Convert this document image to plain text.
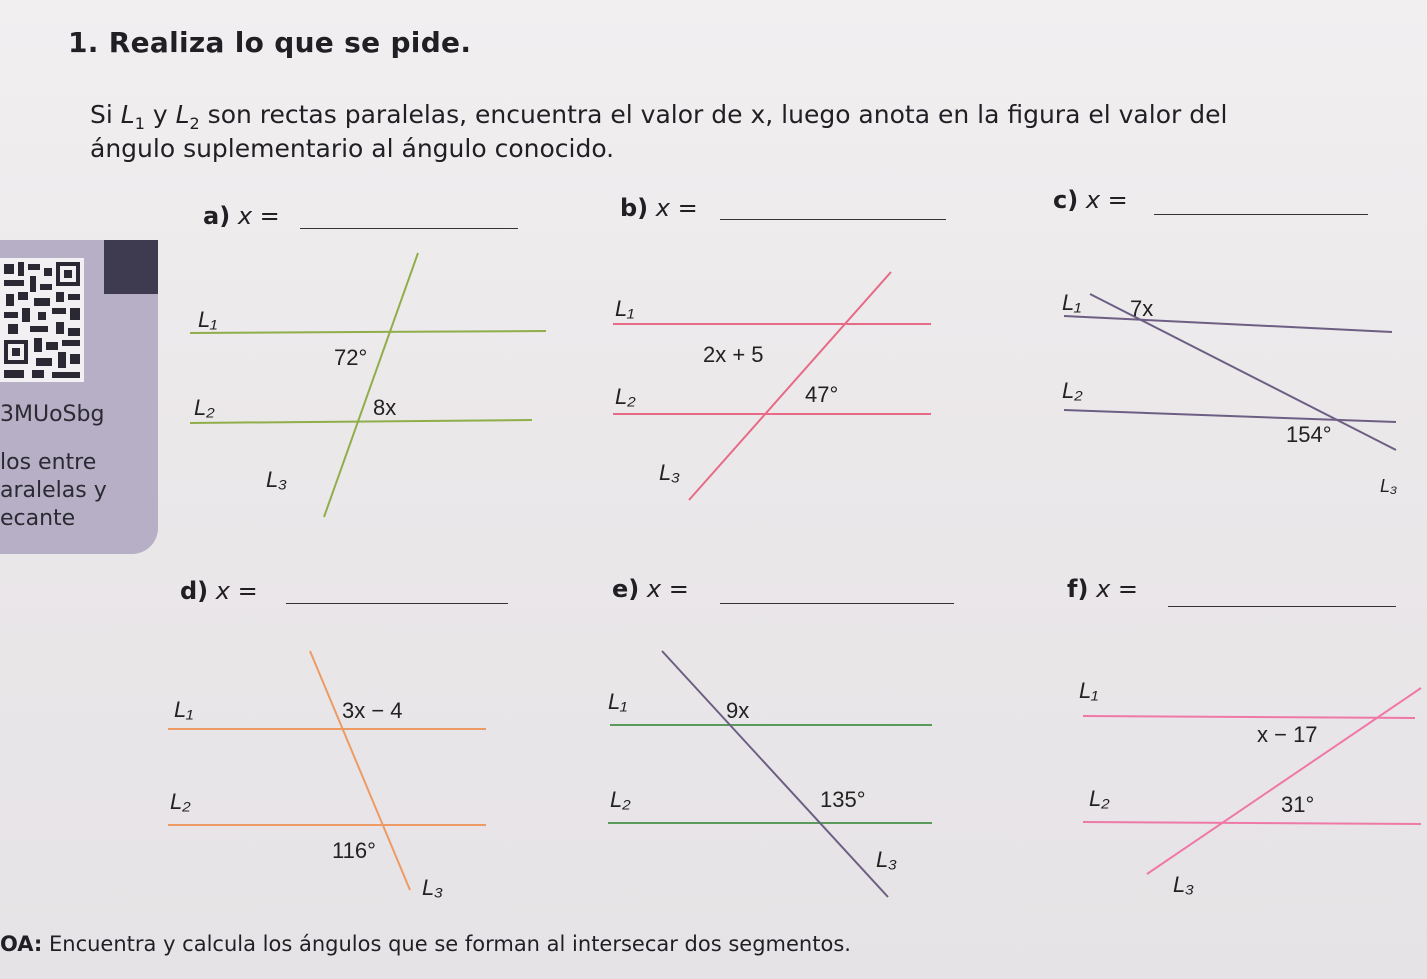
1. Realiza lo que se pide.
Si $L_1$ y $L_2$ son rectas paralelas, encuentra el valor de x, luego anota en la figura el valor del
ángulo suplementario al ángulo conocido.
3MUoSbg
los entre
aralelas y
ecante
a) x =	b) x =	c) x =
d) x =	e) x =	f) x =
L₁
L₂
L₃
72°
8x
L₁
L₂
L₃
2x + 5
47°
L₁
L₂
L₃
7x
154°
L₁
L₂
L₃
3x − 4
116°
L₁
L₂
L₃
9x
135°
L₁
L₂
L₃
x − 17
31°
OA: Encuentra y calcula los ángulos que se forman al intersecar dos segmentos.
